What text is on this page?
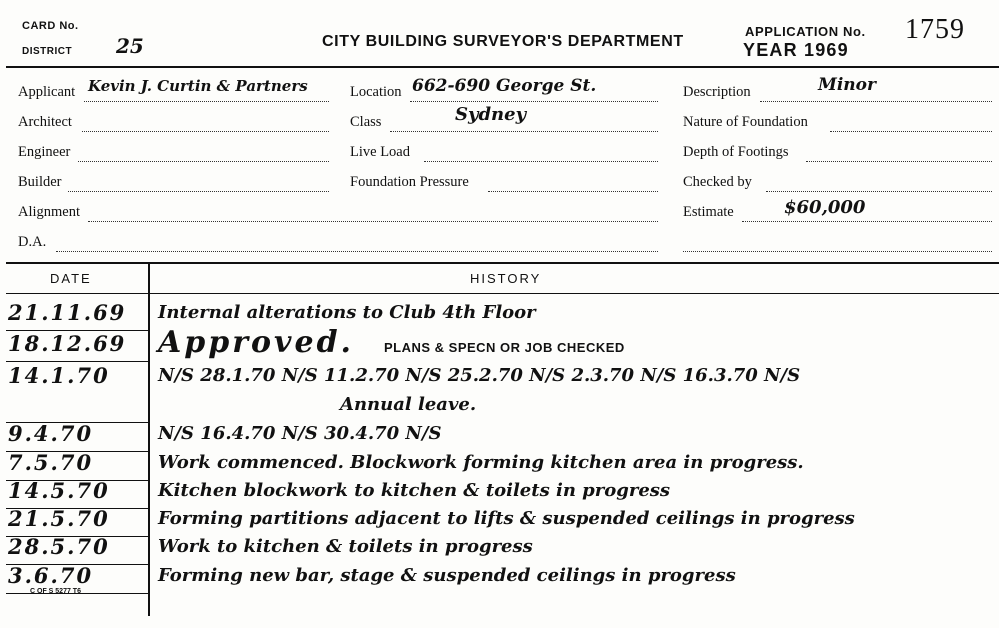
CARD No.
DISTRICT 25	CITY BUILDING SURVEYOR'S DEPARTMENT
APPLICATION No.
YEAR 1969
1759
Applicant Kevin J. Curtin & Partners
Architect
Engineer
Builder
Alignment
D.A.
Location 662-690 George St.
Class	Sydney
Live Load
Foundation Pressure
Description	Minor
Nature of Foundation
Depth of Footings
Checked by
Estimate	$60,000
DATE	HISTORY
21.11.69	Internal alterations to Club 4th Floor
18.12.69	Approved. PLANS & SPECN OR JOB CHECKED
14.1.70	N/S 28.1.70 N/S 11.2.70 N/S 25.2.70 N/S 2.3.70 N/S 16.3.70 N/S
Annual leave.
9.4.70	N/S 16.4.70 N/S 30.4.70 N/S
7.5.70	Work commenced. Blockwork forming kitchen area in progress.
14.5.70	Kitchen blockwork to kitchen & toilets in progress
21.5.70	Forming partitions adjacent to lifts & suspended ceilings in progress
28.5.70	Work to kitchen & toilets in progress
3.6.70	Forming new bar, stage & suspended ceilings in progress
C OF S 5277 T6
